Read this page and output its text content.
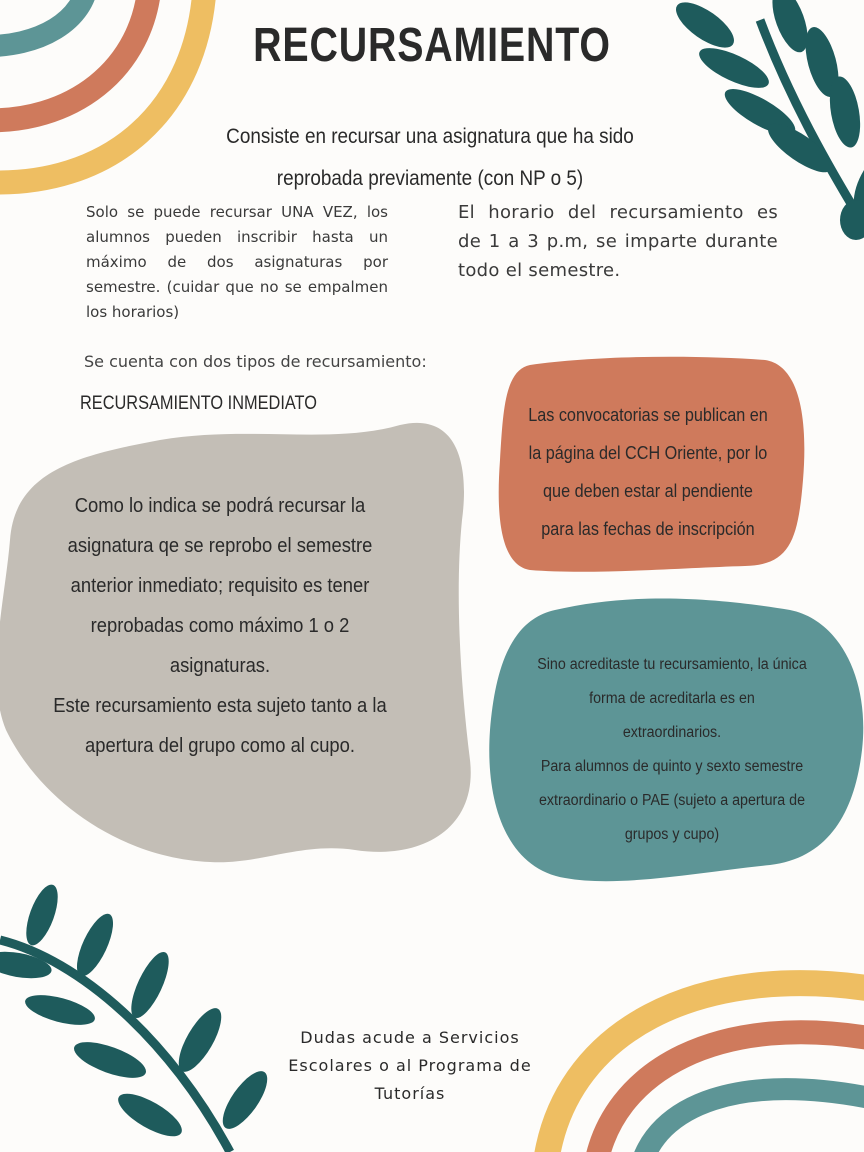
RECURSAMIENTO
Consiste en recursar una asignatura que ha sido
reprobada previamente (con NP o 5)
Solo se puede recursar UNA VEZ, los alumnos pueden inscribir hasta un máximo de dos asignaturas por semestre. (cuidar que no se empalmen los horarios)
El horario del recursamiento es de 1 a 3 p.m, se imparte durante todo el semestre.
Se cuenta con dos tipos de recursamiento:
RECURSAMIENTO INMEDIATO
Como lo indica se podrá recursar la
asignatura qe se reprobo el semestre
anterior inmediato; requisito es tener
reprobadas como máximo 1 o 2
asignaturas.
Este recursamiento esta sujeto tanto a la
apertura del grupo como al cupo.
Las convocatorias se publican en
la página del CCH Oriente, por lo
que deben estar al pendiente
para las fechas de inscripción
Sino acreditaste tu recursamiento, la única
forma de acreditarla es en
extraordinarios.
Para alumnos de quinto y sexto semestre
extraordinario o PAE (sujeto a apertura de
grupos y cupo)
Dudas acude a Servicios
Escolares o al Programa de
Tutorías
